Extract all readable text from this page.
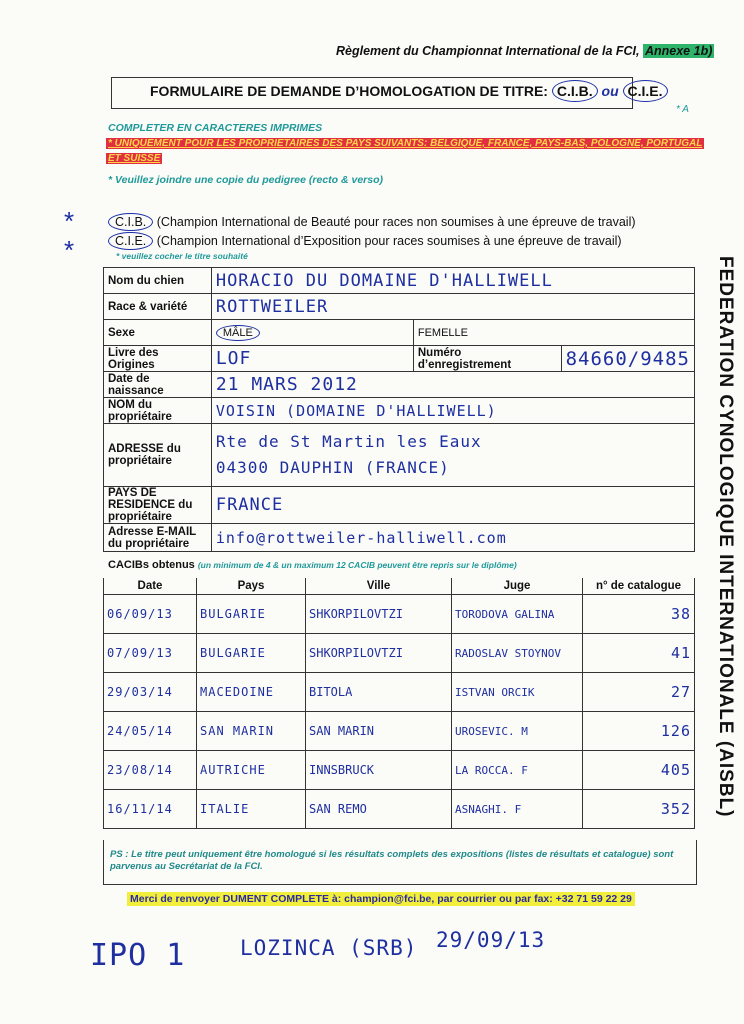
Règlement du Championnat International de la FCI, Annexe 1b)
FORMULAIRE DE DEMANDE D’HOMOLOGATION DE TITRE: C.I.B. ou C.I.E.
* A
COMPLETER EN CARACTERES IMPRIMES
* UNIQUEMENT POUR LES PROPRIETAIRES DES PAYS SUIVANTS: BELGIQUE, FRANCE, PAYS-BAS, POLOGNE, PORTUGAL
ET SUISSE
* Veuillez joindre une copie du pedigree (recto & verso)
*
*
C.I.B. (Champion International de Beauté pour races non soumises à une épreuve de travail)
C.I.E. (Champion International d’Exposition pour races soumises à une épreuve de travail)
* veuillez cocher le titre souhaité
Nom du chien	HORACIO DU DOMAINE D'HALLIWELL		
Race & variété	ROTTWEILER		
Sexe	MÂLE	FEMELLE	
Livre des Origines	LOF	Numéro d’enregistrement	84660/9485
Date de naissance	21 MARS 2012		
NOM du propriétaire	VOISIN (DOMAINE D'HALLIWELL)		
ADRESSE du propriétaire	Rte de St Martin les Eaux
04300 DAUPHIN (FRANCE)		

PAYS DE RESIDENCE du propriétaire	FRANCE		
Adresse E-MAIL du propriétaire	info@rottweiler-halliwell.com		
CACIBs obtenus (un minimum de 4 & un maximum 12 CACIB peuvent être repris sur le diplôme)
Date	Pays	Ville	Juge	n° de catalogue
06/09/13	BULGARIE	SHKORPILOVTZI	TORODOVA GALINA	38
07/09/13	BULGARIE	SHKORPILOVTZI	RADOSLAV STOYNOV	41
29/03/14	MACEDOINE	BITOLA	ISTVAN ORCIK	27
24/05/14	SAN MARIN	SAN MARIN	UROSEVIC. M	126
23/08/14	AUTRICHE	INNSBRUCK	LA ROCCA. F	405
16/11/14	ITALIE	SAN REMO	ASNAGHI. F	352
PS : Le titre peut uniquement être homologué si les résultats complets des expositions (listes de résultats et catalogue) sont parvenus au Secrétariat de la FCI.
Merci de renvoyer DUMENT COMPLETE à: champion@fci.be, par courrier ou par fax: +32 71 59 22 29
IPO 1	LOZINCA (SRB) 29/09/13
FEDERATION CYNOLOGIQUE INTERNATIONALE (AISBL)
